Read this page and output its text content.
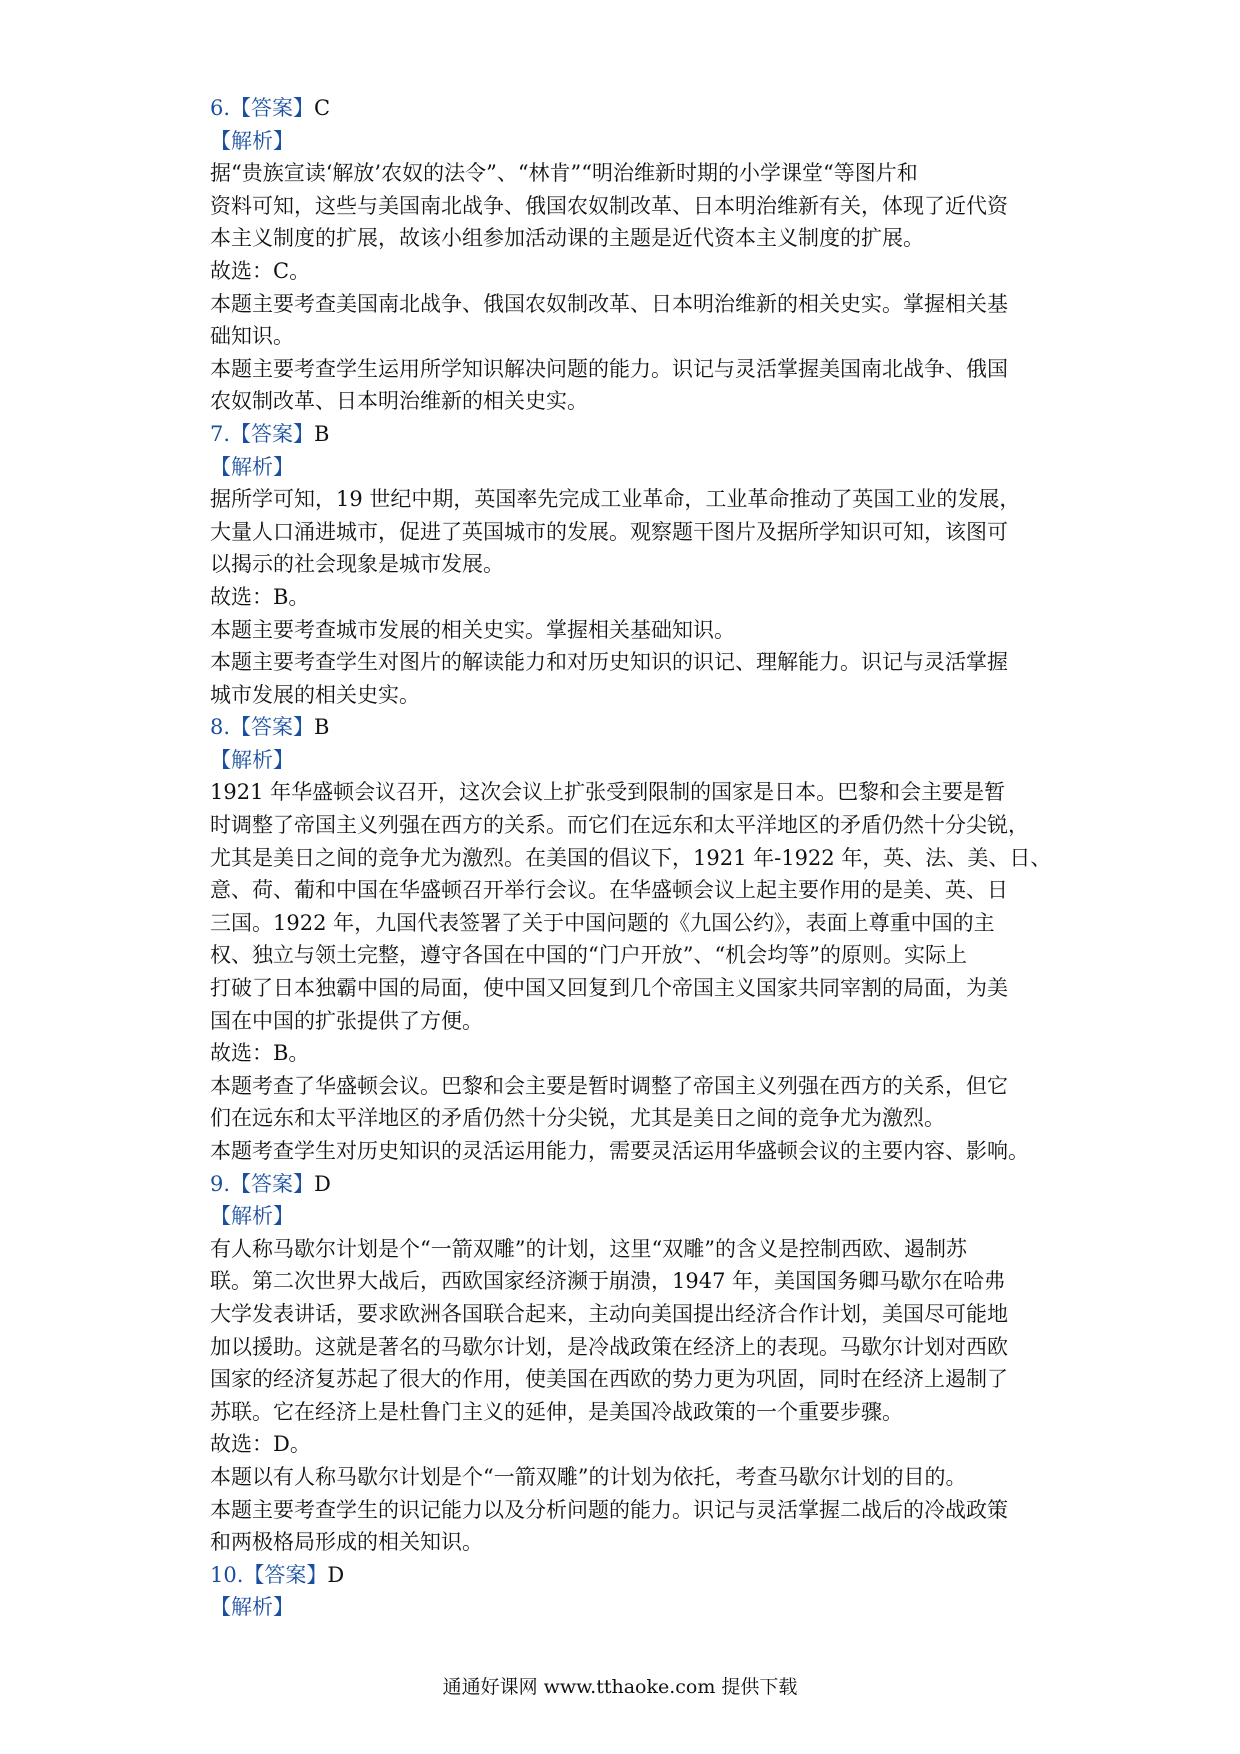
6.【答案】C
【解析】
据“贵族宣读‘解放’农奴的法令”、“林肯”“明治维新时期的小学课堂“等图片和
资料可知，这些与美国南北战争、俄国农奴制改革、日本明治维新有关，体现了近代资
本主义制度的扩展，故该小组参加活动课的主题是近代资本主义制度的扩展。
故选：C。
本题主要考查美国南北战争、俄国农奴制改革、日本明治维新的相关史实。掌握相关基
础知识。
本题主要考查学生运用所学知识解决问题的能力。识记与灵活掌握美国南北战争、俄国
农奴制改革、日本明治维新的相关史实。
7.【答案】B
【解析】
据所学可知，19 世纪中期，英国率先完成工业革命，工业革命推动了英国工业的发展，
大量人口涌进城市，促进了英国城市的发展。观察题干图片及据所学知识可知，该图可
以揭示的社会现象是城市发展。
故选：B。
本题主要考查城市发展的相关史实。掌握相关基础知识。
本题主要考查学生对图片的解读能力和对历史知识的识记、理解能力。识记与灵活掌握
城市发展的相关史实。
8.【答案】B
【解析】
1921 年华盛顿会议召开，这次会议上扩张受到限制的国家是日本。巴黎和会主要是暂
时调整了帝国主义列强在西方的关系。而它们在远东和太平洋地区的矛盾仍然十分尖锐，
尤其是美日之间的竞争尤为激烈。在美国的倡议下，1921 年-1922 年，英、法、美、日、
意、荷、葡和中国在华盛顿召开举行会议。在华盛顿会议上起主要作用的是美、英、日
三国。1922 年，九国代表签署了关于中国问题的《九国公约》，表面上尊重中国的主
权、独立与领土完整，遵守各国在中国的“门户开放”、“机会均等”的原则。实际上
打破了日本独霸中国的局面，使中国又回复到几个帝国主义国家共同宰割的局面，为美
国在中国的扩张提供了方便。
故选：B。
本题考查了华盛顿会议。巴黎和会主要是暂时调整了帝国主义列强在西方的关系，但它
们在远东和太平洋地区的矛盾仍然十分尖锐，尤其是美日之间的竞争尤为激烈。
本题考查学生对历史知识的灵活运用能力，需要灵活运用华盛顿会议的主要内容、影响。
9.【答案】D
【解析】
有人称马歇尔计划是个“一箭双雕”的计划，这里“双雕”的含义是控制西欧、遏制苏
联。第二次世界大战后，西欧国家经济濒于崩溃，1947 年，美国国务卿马歇尔在哈弗
大学发表讲话，要求欧洲各国联合起来，主动向美国提出经济合作计划，美国尽可能地
加以援助。这就是著名的马歇尔计划，是冷战政策在经济上的表现。马歇尔计划对西欧
国家的经济复苏起了很大的作用，使美国在西欧的势力更为巩固，同时在经济上遏制了
苏联。它在经济上是杜鲁门主义的延伸，是美国冷战政策的一个重要步骤。
故选：D。
本题以有人称马歇尔计划是个“一箭双雕”的计划为依托，考查马歇尔计划的目的。
本题主要考查学生的识记能力以及分析问题的能力。识记与灵活掌握二战后的冷战政策
和两极格局形成的相关知识。
10.【答案】D
【解析】
通通好课网 www.tthaoke.com 提供下载
